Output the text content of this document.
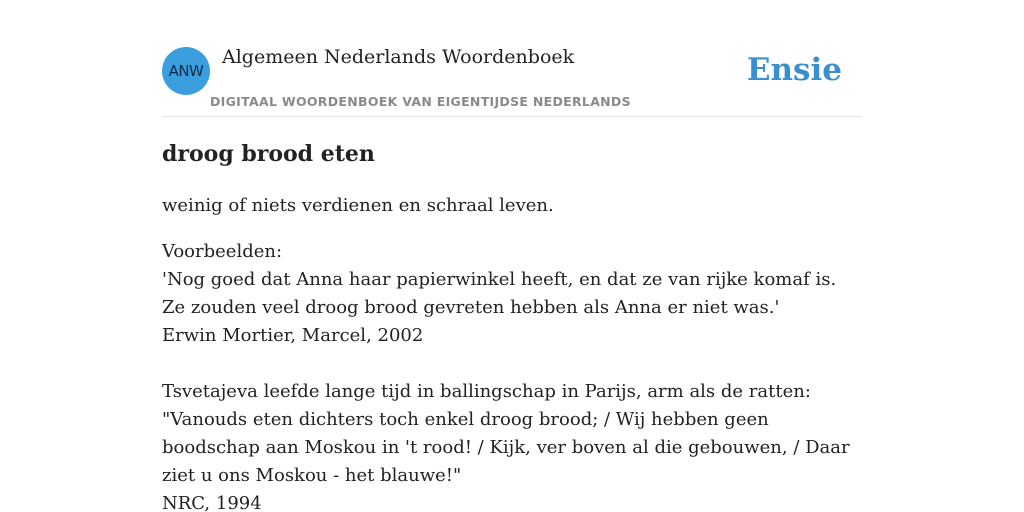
ANW
Algemeen Nederlands Woordenboek
DIGITAAL WOORDENBOEK VAN EIGENTIJDSE NEDERLANDS
Ensie
droog brood eten

weinig of niets verdienen en schraal leven.

Voorbeelden:
'Nog goed dat Anna haar papierwinkel heeft, en dat ze van rijke komaf is. Ze zouden veel droog brood gevreten hebben als Anna er niet was.'
Erwin Mortier, Marcel, 2002
Tsvetajeva leefde lange tijd in ballingschap in Parijs, arm als de ratten: "Vanouds eten dichters toch enkel droog brood; / Wij hebben geen boodschap aan Moskou in 't rood! / Kijk, ver boven al die gebouwen, / Daar ziet u ons Moskou - het blauwe!"
NRC, 1994
